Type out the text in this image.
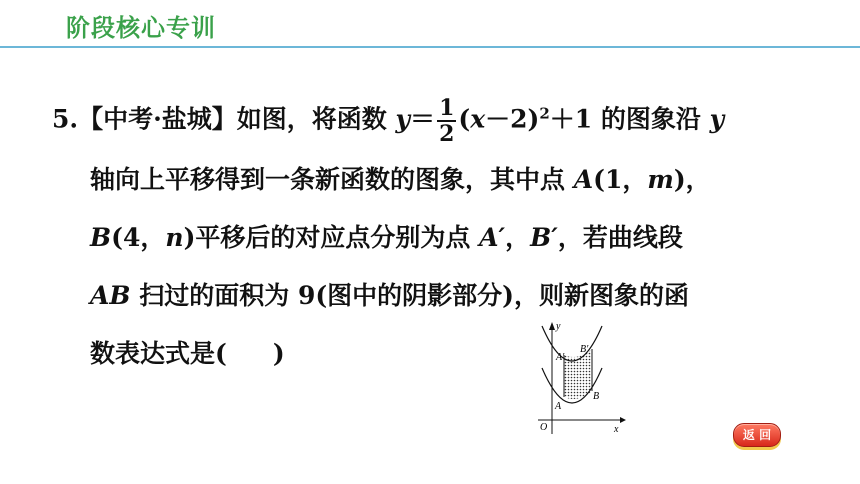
阶段核心专训
5.【中考·盐城】如图，将函数 $y= \frac{1}{2} (x-2)^2+1$ 的图象沿 y
轴向上平移得到一条新函数的图象，其中点 A(1，m)，
B(4，n)平移后的对应点分别为点 A′，B′，若曲线段
AB 扫过的面积为 9(图中的阴影部分)，则新图象的函
数表达式是( )
y
x
O
A
B
A′
B′
返 回
